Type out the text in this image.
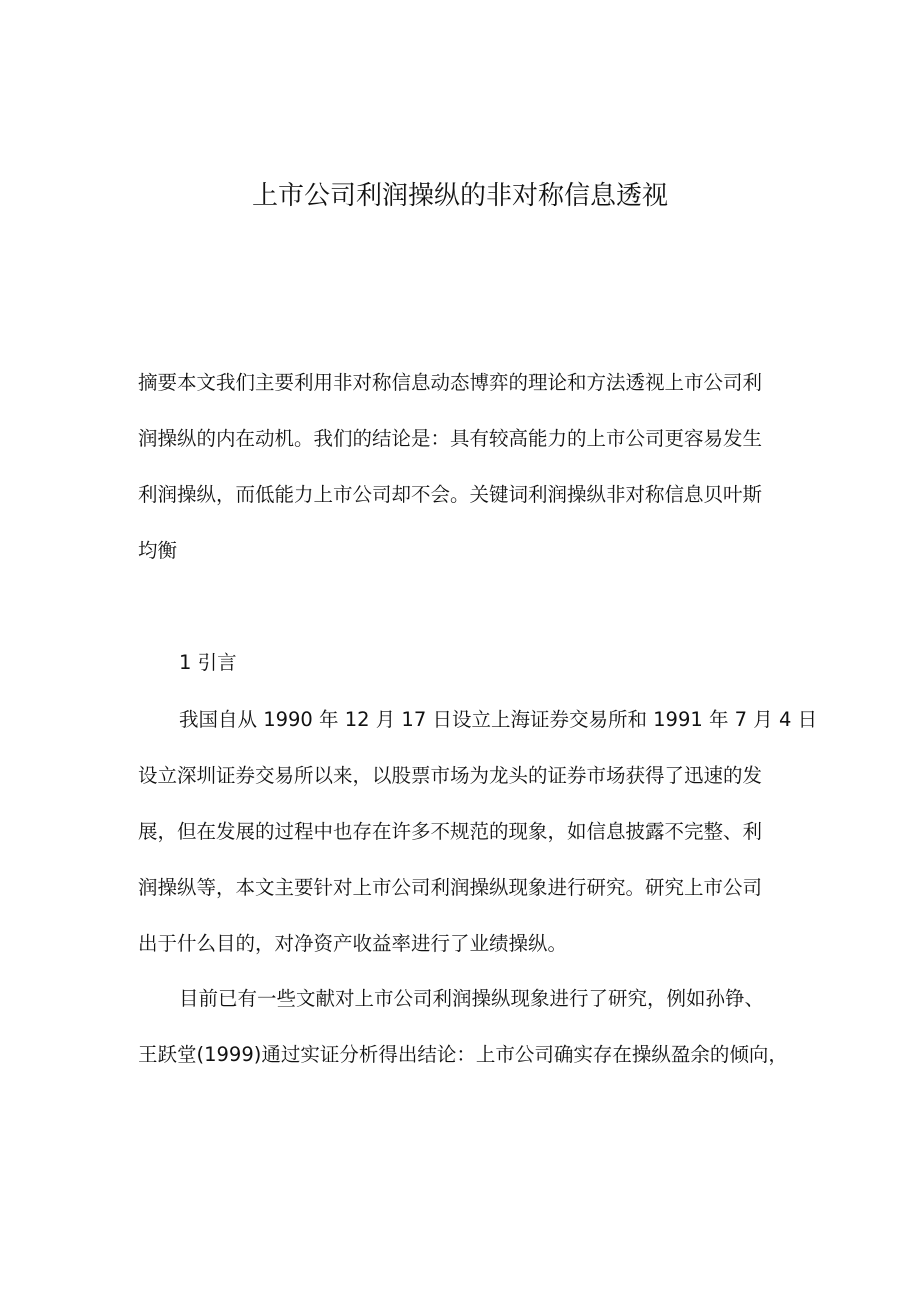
上市公司利润操纵的非对称信息透视
摘要本文我们主要利用非对称信息动态博弈的理论和方法透视上市公司利
润操纵的内在动机。我们的结论是：具有较高能力的上市公司更容易发生
利润操纵，而低能力上市公司却不会。关键词利润操纵非对称信息贝叶斯
均衡
1 引言
我国自从 1990 年 12 月 17 日设立上海证券交易所和 1991 年 7 月 4 日
设立深圳证券交易所以来，以股票市场为龙头的证券市场获得了迅速的发
展，但在发展的过程中也存在许多不规范的现象，如信息披露不完整、利
润操纵等，本文主要针对上市公司利润操纵现象进行研究。研究上市公司
出于什么目的，对净资产收益率进行了业绩操纵。
目前已有一些文献对上市公司利润操纵现象进行了研究，例如孙铮、
王跃堂(1999)通过实证分析得出结论：上市公司确实存在操纵盈余的倾向，
